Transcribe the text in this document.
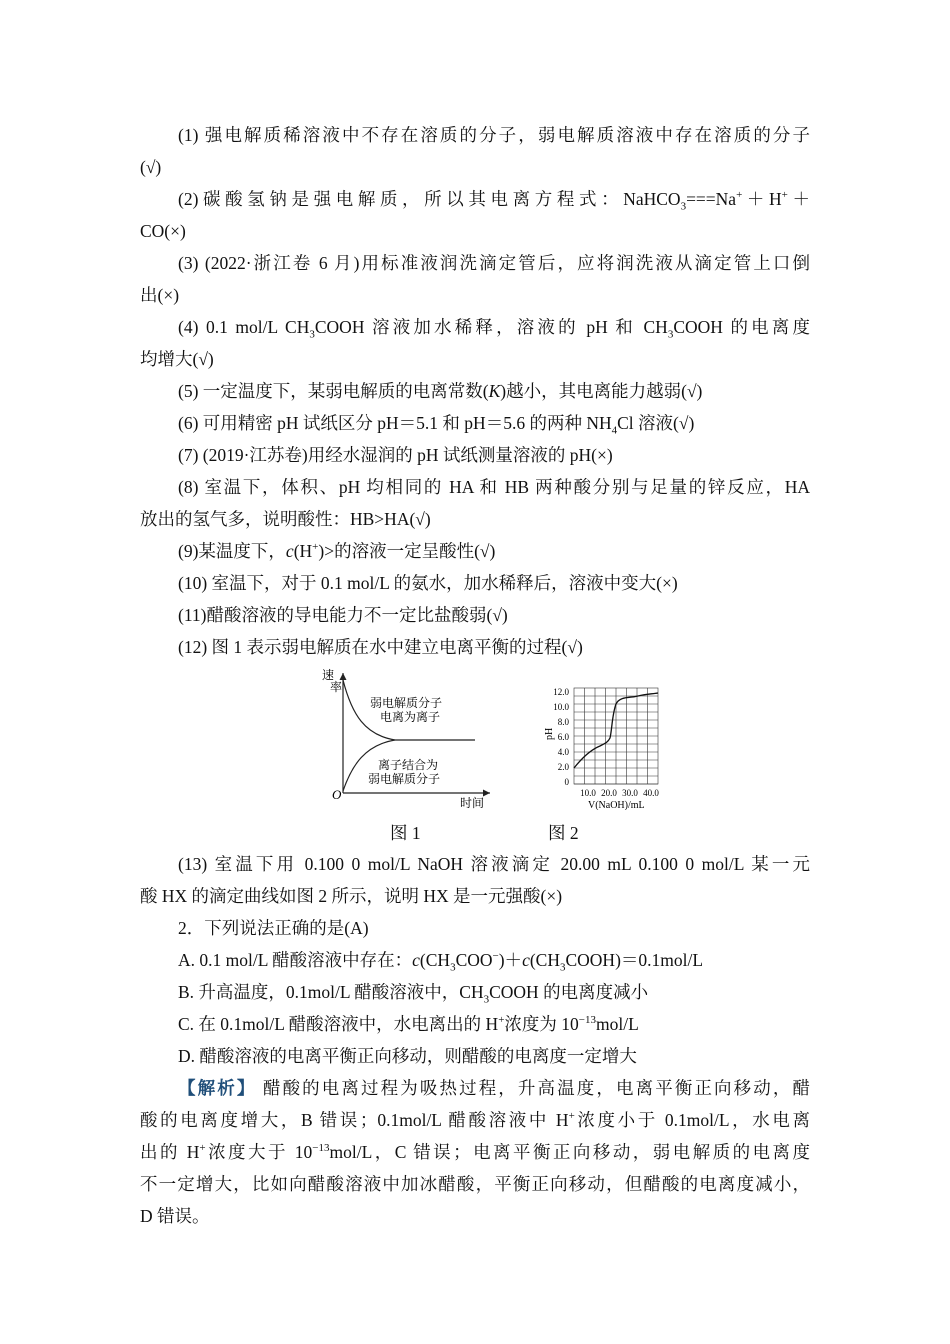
(1) 强电解质稀溶液中不存在溶质的分子，弱电解质溶液中存在溶质的分子
(√)
(2)碳酸氢钠是强电解质，所以其电离方程式：NaHCO$_3$===Na+＋H+＋
CO(×)
(3) (2022·浙江卷 6 月)用标准液润洗滴定管后，应将润洗液从滴定管上口倒
出(×)
(4) 0.1 mol/L $CH_3COOH$ 溶液加水稀释，溶液的 pH 和 $CH_3COOH$ 的电离度
均增大(√)
(5) 一定温度下，某弱电解质的电离常数(K)越小，其电离能力越弱(√)
(6) 可用精密 pH 试纸区分 pH＝5.1 和 pH＝5.6 的两种 $NH_4Cl$ 溶液(√)
(7) (2019·江苏卷)用经水湿润的 pH 试纸测量溶液的 pH(×)
(8) 室温下，体积、pH 均相同的 HA 和 HB 两种酸分别与足量的锌反应，HA
放出的氢气多，说明酸性：HB>HA(√)
(9)某温度下，c(H+)>的溶液一定呈酸性(√)
(10) 室温下，对于 0.1 mol/L 的氨水，加水稀释后，溶液中变大(×)
(11)醋酸溶液的导电能力不一定比盐酸弱(√)
(12) 图 1 表示弱电解质在水中建立电离平衡的过程(√)
速
率
弱电解质分子
电离为离子
离子结合为
弱电解质分子
O
时间
图 1
12.0
10.0
8.0
6.0
4.0
2.0
0
10.0 20.0 30.0 40.0
pH
V(NaOH)/mL
图 2
(13) 室温下用 0.100 0 mol/L NaOH 溶液滴定 20.00 mL 0.100 0 mol/L 某一元
酸 HX 的滴定曲线如图 2 所示，说明 HX 是一元强酸(×)
2．下列说法正确的是(A)
A. 0.1 mol/L 醋酸溶液中存在：$c(CH_3COO^-)+c(CH_3COOH)=0.1mol/L$
B. 升高温度，0.1mol/L 醋酸溶液中，$CH_3COOH$ 的电离度减小
C. 在 0.1mol/L 醋酸溶液中，水电离出的 H+浓度为 $10^{-13}mol/L$
D. 醋酸溶液的电离平衡正向移动，则醋酸的电离度一定增大
【解析】 醋酸的电离过程为吸热过程，升高温度，电离平衡正向移动，醋
酸的电离度增大，B 错误；0.1mol/L 醋酸溶液中 H+浓度小于 0.1mol/L，水电离
出的 H+浓度大于 $10^{-13}mol/L$，C 错误；电离平衡正向移动，弱电解质的电离度
不一定增大，比如向醋酸溶液中加冰醋酸，平衡正向移动，但醋酸的电离度减小，
D 错误。
